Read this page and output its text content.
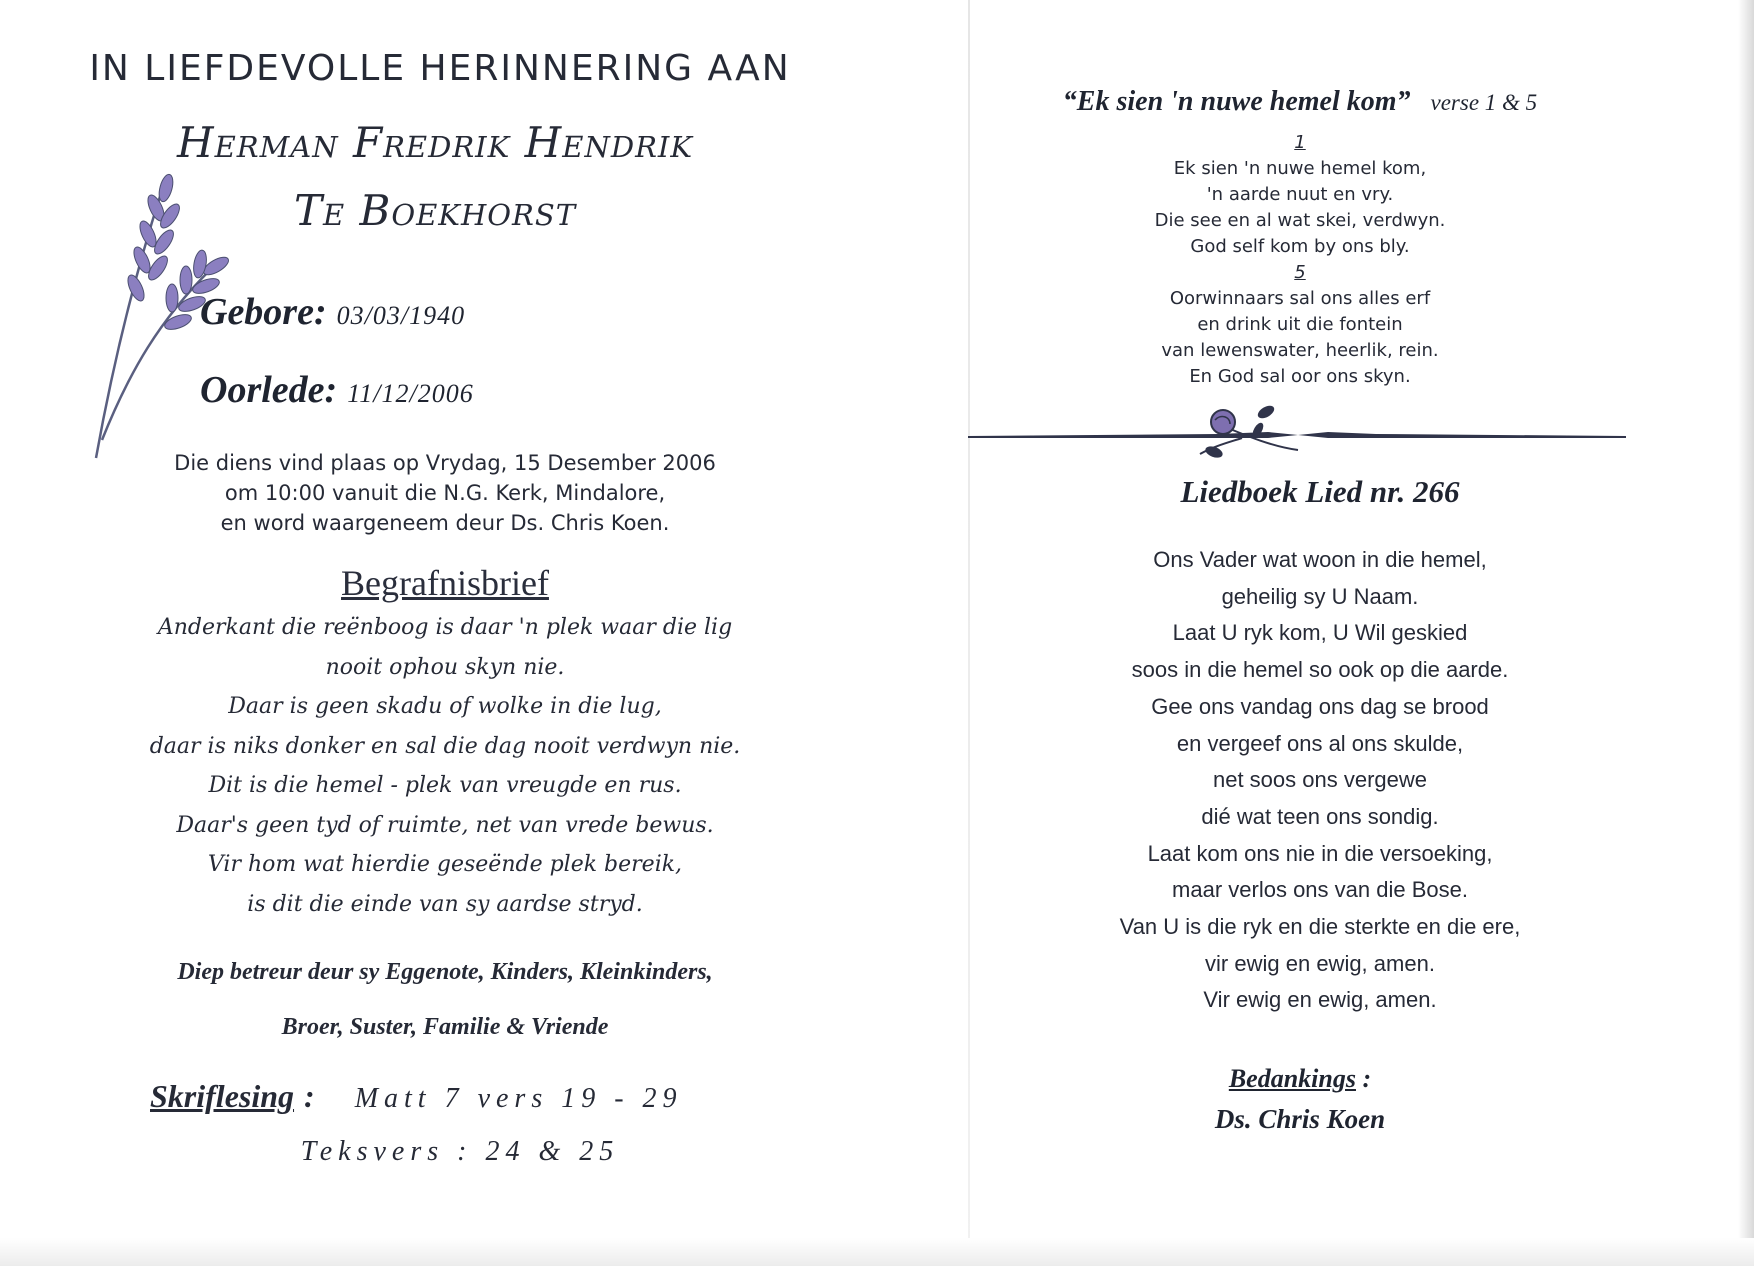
IN LIEFDEVOLLE HERINNERING AAN
Herman Fredrik Hendrik
Te Boekhorst
Gebore: 03/03/1940
Oorlede: 11/12/2006
Die diens vind plaas op Vrydag, 15 Desember 2006
om 10:00 vanuit die N.G. Kerk, Mindalore,
en word waargeneem deur Ds. Chris Koen.
Begrafnisbrief
Anderkant die reënboog is daar 'n plek waar die lig
nooit ophou skyn nie.
Daar is geen skadu of wolke in die lug,
daar is niks donker en sal die dag nooit verdwyn nie.
Dit is die hemel - plek van vreugde en rus.
Daar's geen tyd of ruimte, net van vrede bewus.
Vir hom wat hierdie geseënde plek bereik,
is dit die einde van sy aardse stryd.
Diep betreur deur sy Eggenote, Kinders, Kleinkinders,
Broer, Suster, Familie & Vriende
Skriflesing : Matt 7 vers 19 - 29
Teksvers : 24 & 25
“Ek sien 'n nuwe hemel kom” verse 1 & 5
1
Ek sien 'n nuwe hemel kom,
'n aarde nuut en vry.
Die see en al wat skei, verdwyn.
God self kom by ons bly.
5
Oorwinnaars sal ons alles erf
en drink uit die fontein
van lewenswater, heerlik, rein.
En God sal oor ons skyn.
Liedboek Lied nr. 266
Ons Vader wat woon in die hemel,
geheilig sy U Naam.
Laat U ryk kom, U Wil geskied
soos in die hemel so ook op die aarde.
Gee ons vandag ons dag se brood
en vergeef ons al ons skulde,
net soos ons vergewe
dié wat teen ons sondig.
Laat kom ons nie in die versoeking,
maar verlos ons van die Bose.
Van U is die ryk en die sterkte en die ere,
vir ewig en ewig, amen.
Vir ewig en ewig, amen.
Bedankings :
Ds. Chris Koen
